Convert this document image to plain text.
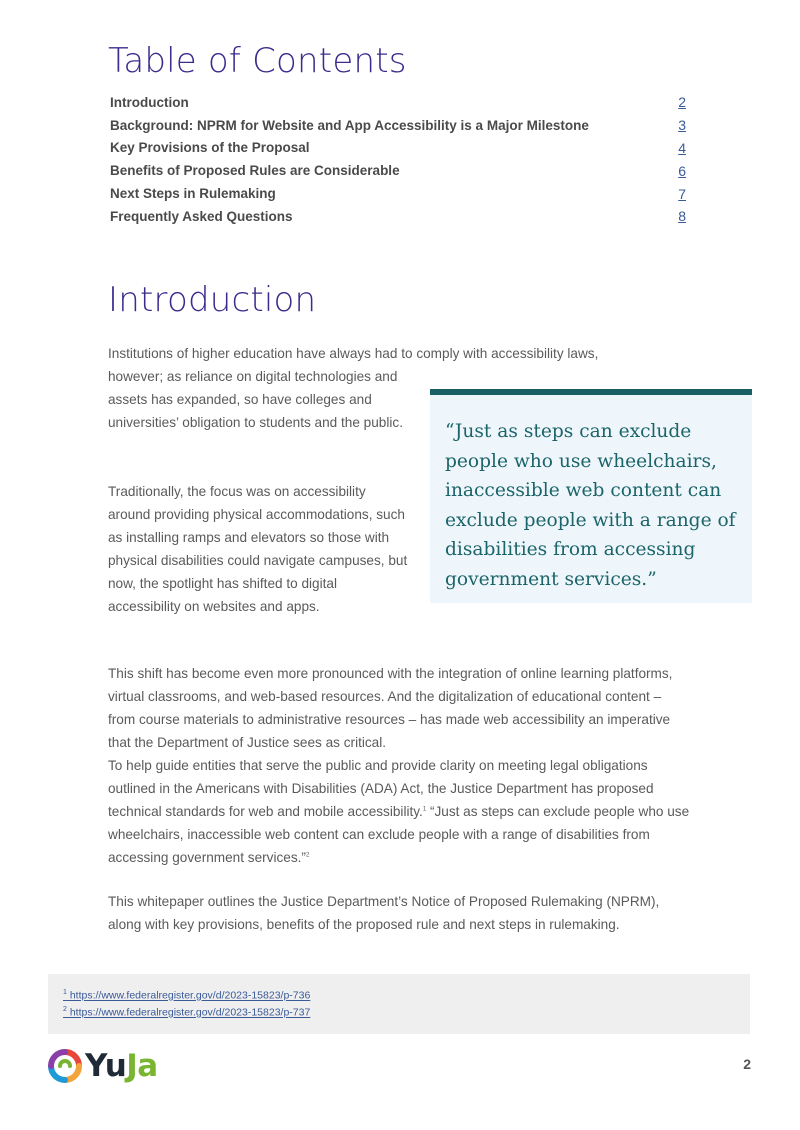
Table of Contents
Introduction	2
Background: NPRM for Website and App Accessibility is a Major Milestone	3
Key Provisions of the Proposal	4
Benefits of Proposed Rules are Considerable	6
Next Steps in Rulemaking	7
Frequently Asked Questions	8
Introduction

Institutions of higher education have always had to comply with accessibility laws,

however; as reliance on digital technologies and assets has expanded, so have colleges and universities’ obligation to students and the public.

Traditionally, the focus was on accessibility around providing physical accommodations, such as installing ramps and elevators so those with physical disabilities could navigate campuses, but now, the spotlight has shifted to digital accessibility on websites and apps.

“Just as steps can exclude people who use wheelchairs, inaccessible web content can exclude people with a range of disabilities from accessing government services.”

This shift has become even more pronounced with the integration of online learning platforms, virtual classrooms, and web-based resources. And the digitalization of educational content – from course materials to administrative resources – has made web accessibility an imperative that the Department of Justice sees as critical.

To help guide entities that serve the public and provide clarity on meeting legal obligations outlined in the Americans with Disabilities (ADA) Act, the Justice Department has proposed technical standards for web and mobile accessibility.$^1$ “Just as steps can exclude people who use wheelchairs, inaccessible web content can exclude people with a range of disabilities from accessing government services.”$^2$

This whitepaper outlines the Justice Department’s Notice of Proposed Rulemaking (NPRM), along with key provisions, benefits of the proposed rule and next steps in rulemaking.

$^1$ https://www.federalregister.gov/d/2023-15823/p-736
$^2$ https://www.federalregister.gov/d/2023-15823/p-737
YuJa	2
